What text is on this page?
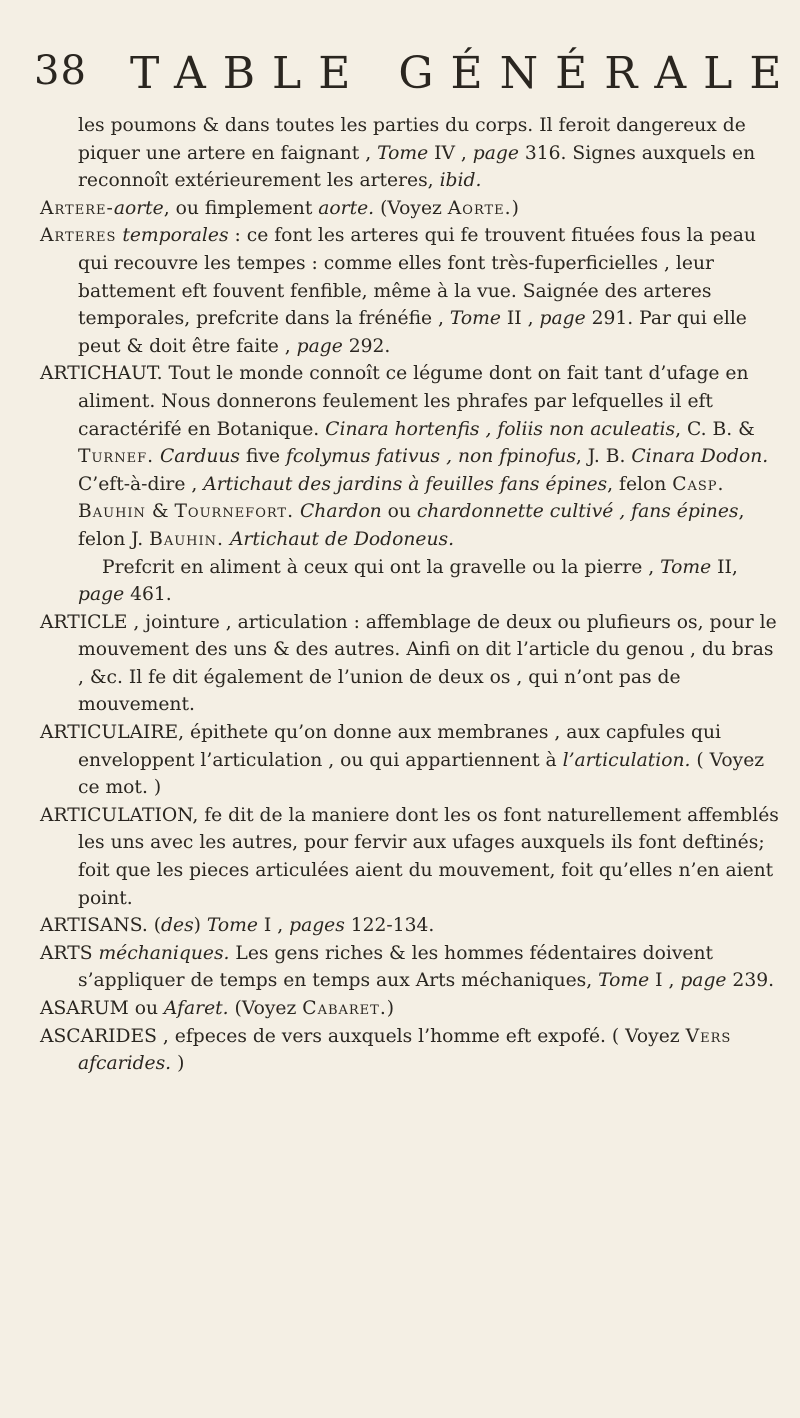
38 TABLE GÉNÉRALE

les poumons & dans toutes les parties du corps. Il feroit dangereux de piquer une artere en faignant , Tome IV , page 316. Signes auxquels en reconnoît extérieurement les arteres, ibid.

Artere-aorte, ou fimplement aorte. (Voyez Aorte.)

Arteres temporales : ce font les arteres qui fe trouvent fituées fous la peau qui recouvre les tempes : comme elles font très-fuperficielles , leur battement eft fouvent fenfible, même à la vue. Saignée des arteres temporales, prefcrite dans la frénéfie , Tome II , page 291. Par qui elle peut & doit être faite , page 292.

ARTICHAUT. Tout le monde connoît ce légume dont on fait tant d’ufage en aliment. Nous donnerons feulement les phrafes par lefquelles il eft caractérifé en Botanique. Cinara hortenfis , foliis non aculeatis, C. B. & Turnef. Carduus five fcolymus fativus , non fpinofus, J. B. Cinara Dodon. C’eft-à-dire , Artichaut des jardins à feuilles fans épines, felon Casp. Bauhin & Tournefort. Chardon ou chardonnette cultivé , fans épines, felon J. Bauhin. Artichaut de Dodoneus.

Prefcrit en aliment à ceux qui ont la gravelle ou la pierre , Tome II, page 461.

ARTICLE , jointure , articulation : affemblage de deux ou plufieurs os, pour le mouvement des uns & des autres. Ainfi on dit l’article du genou , du bras , &c. Il fe dit également de l’union de deux os , qui n’ont pas de mouvement.

ARTICULAIRE, épithete qu’on donne aux membranes , aux capfules qui enveloppent l’articulation , ou qui appartiennent à l’articulation. ( Voyez ce mot. )

ARTICULATION, fe dit de la maniere dont les os font naturellement affemblés les uns avec les autres, pour fervir aux ufages auxquels ils font deftinés; foit que les pieces articulées aient du mouvement, foit qu’elles n’en aient point.

ARTISANS. (des) Tome I , pages 122-134.

ARTS méchaniques. Les gens riches & les hommes fédentaires doivent s’appliquer de temps en temps aux Arts méchaniques, Tome I , page 239.

ASARUM ou Afaret. (Voyez Cabaret.)

ASCARIDES , efpeces de vers auxquels l’homme eft expofé. ( Voyez Vers afcarides. )
